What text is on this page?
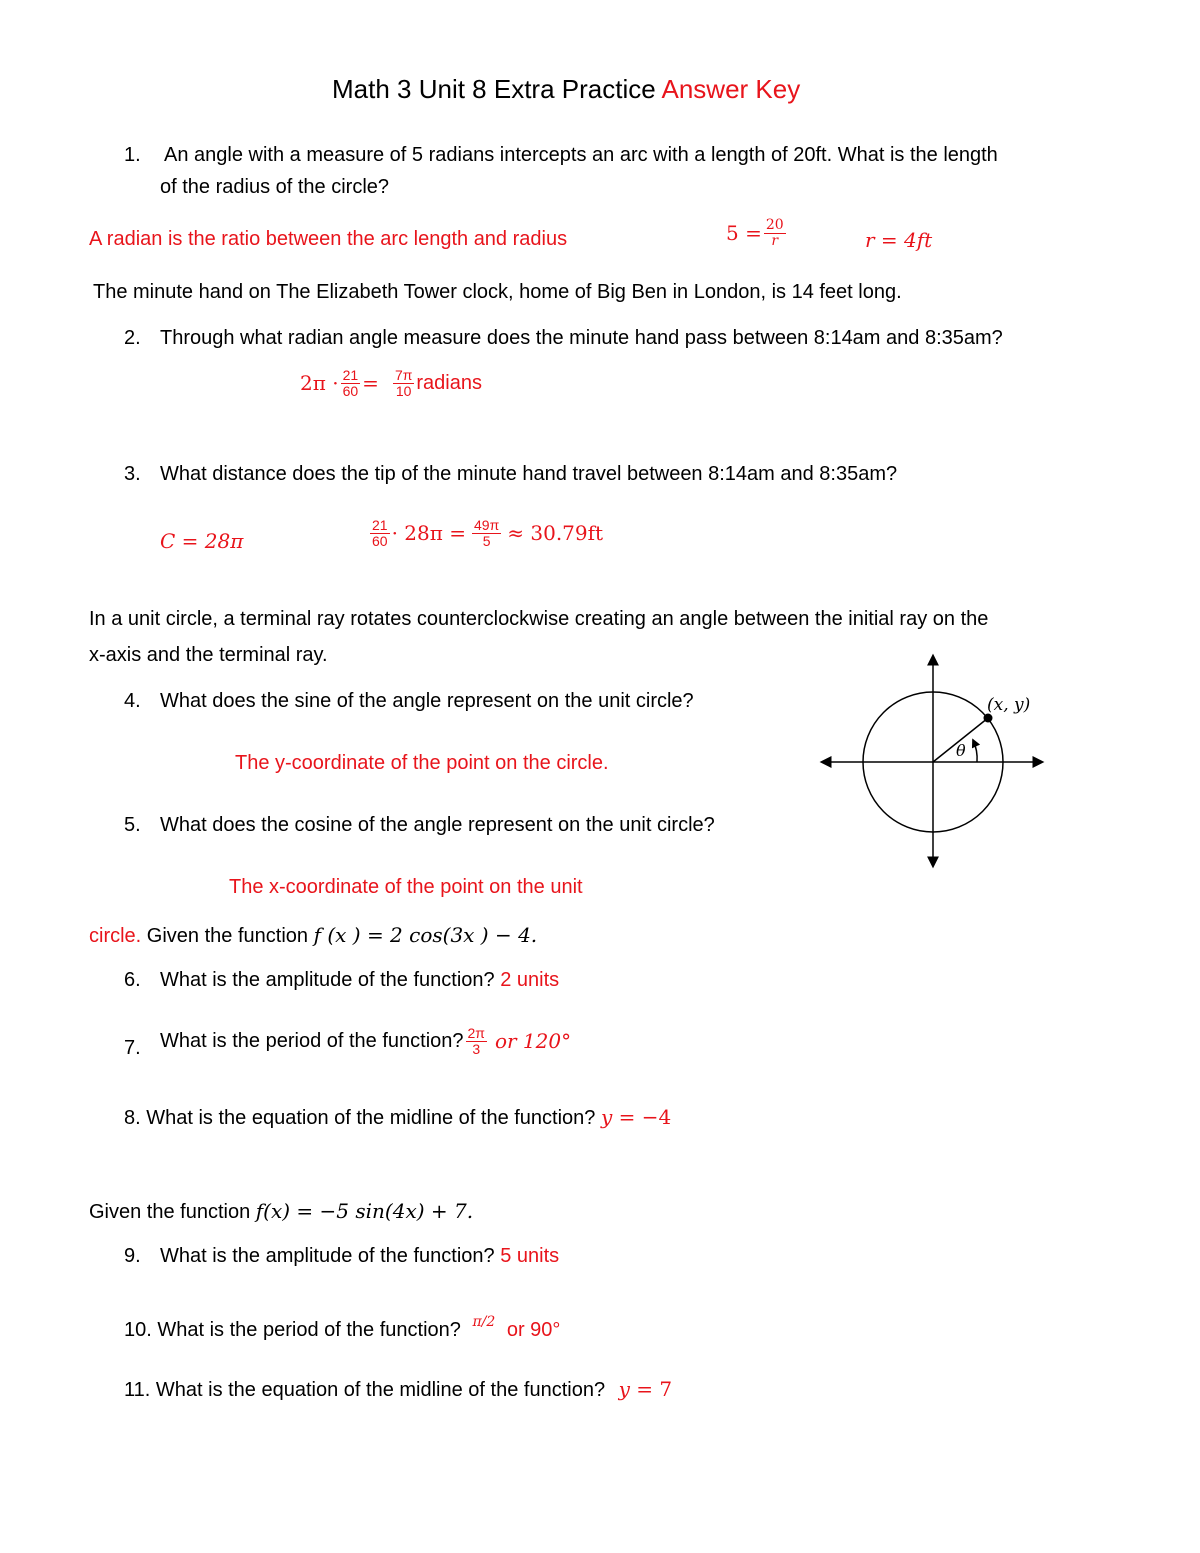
Math 3 Unit 8 Extra Practice Answer Key
1. An angle with a measure of 5 radians intercepts an arc with a length of 20ft. What is the length
of the radius of the circle?
A radian is the ratio between the arc length and radius	$5 = \frac{20}{r}$	r = 4ft
The minute hand on The Elizabeth Tower clock, home of Big Ben in London, is 14 feet long.
2. Through what radian angle measure does the minute hand pass between 8:14am and 8:35am?
$2\pi \cdot \frac{21}{60} = \frac{7\pi}{10}$ radians
3. What distance does the tip of the minute hand travel between 8:14am and 8:35am?
C = 28π	$\frac{21}{60} \cdot 28\pi = \frac{49\pi}{5} \approx 30.79ft$
In a unit circle, a terminal ray rotates counterclockwise creating an angle between the initial ray on the
x-axis and the terminal ray.
θ
(x, y)
4. What does the sine of the angle represent on the unit circle?
The y-coordinate of the point on the circle.
5. What does the cosine of the angle represent on the unit circle?
The x-coordinate of the point on the unit
circle. Given the function f (x ) = 2 cos(3x ) − 4.
6. What is the amplitude of the function? 2 units
7. What is the period of the function? $\frac{2\pi}{3}$ or 120°
8. What is the equation of the midline of the function? y = −4
Given the function f(x) = −5 sin(4x) + 7.
9. What is the amplitude of the function? 5 units
10. What is the period of the function? $^{\pi/2}$ or 90°
11. What is the equation of the midline of the function? y = 7
